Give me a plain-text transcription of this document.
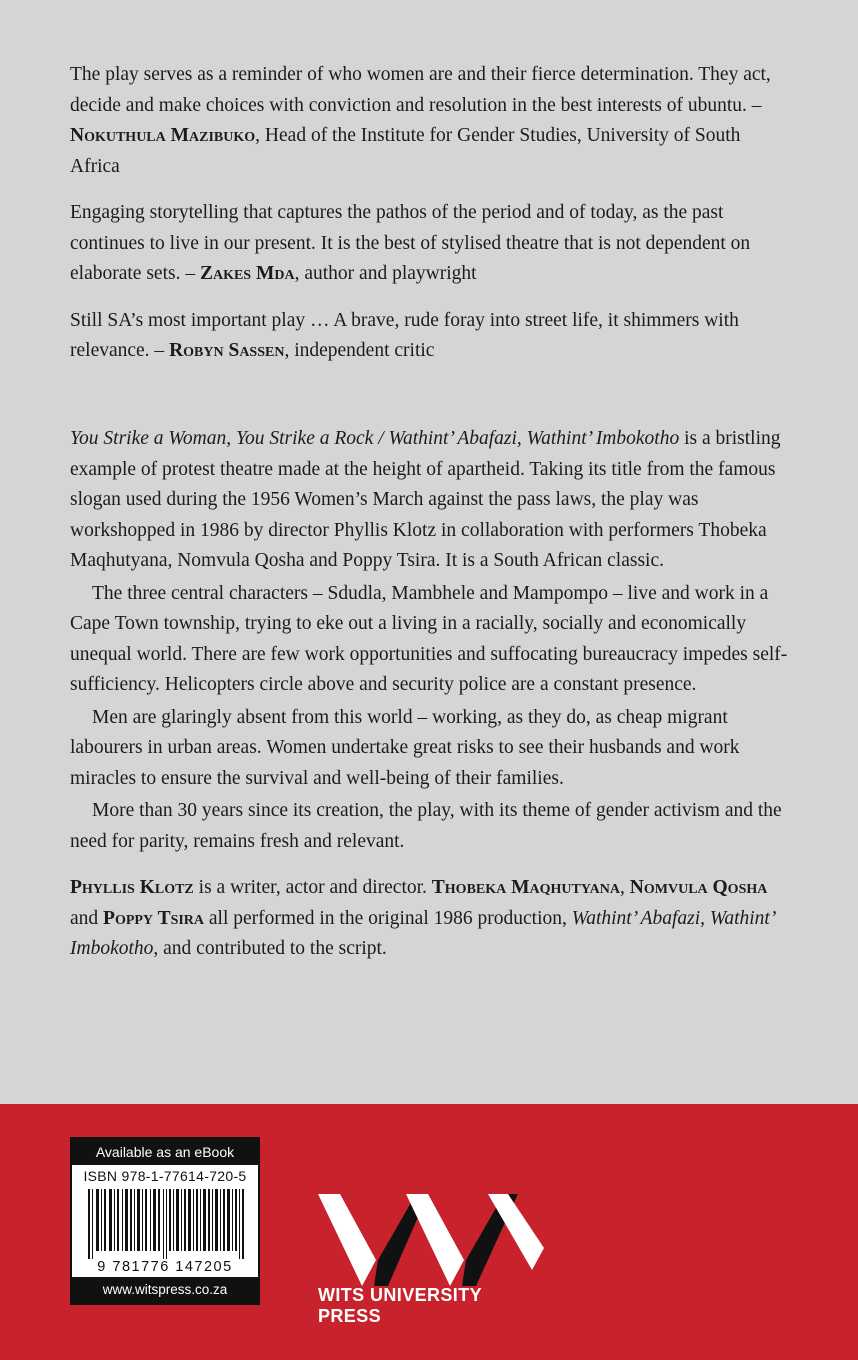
The play serves as a reminder of who women are and their fierce determination. They act, decide and make choices with conviction and resolution in the best interests of ubuntu. – Nokuthula Mazibuko, Head of the Institute for Gender Studies, University of South Africa

Engaging storytelling that captures the pathos of the period and of today, as the past continues to live in our present. It is the best of stylised theatre that is not dependent on elaborate sets. – Zakes Mda, author and playwright

Still SA’s most important play … A brave, rude foray into street life, it shimmers with relevance. – Robyn Sassen, independent critic

You Strike a Woman, You Strike a Rock / Wathint’ Abafazi, Wathint’ Imbokotho is a bristling example of protest theatre made at the height of apartheid. Taking its title from the famous slogan used during the 1956 Women’s March against the pass laws, the play was workshopped in 1986 by director Phyllis Klotz in collaboration with performers Thobeka Maqhutyana, Nomvula Qosha and Poppy Tsira. It is a South African classic.

The three central characters – Sdudla, Mambhele and Mampompo – live and work in a Cape Town township, trying to eke out a living in a racially, socially and economically unequal world. There are few work opportunities and suffocating bureaucracy impedes self-sufficiency. Helicopters circle above and security police are a constant presence.

Men are glaringly absent from this world – working, as they do, as cheap migrant labourers in urban areas. Women undertake great risks to see their husbands and work miracles to ensure the survival and well-being of their families.

More than 30 years since its creation, the play, with its theme of gender activism and the need for parity, remains fresh and relevant.

Phyllis Klotz is a writer, actor and director. Thobeka Maqhutyana, Nomvula Qosha and Poppy Tsira all performed in the original 1986 production, Wathint’ Abafazi, Wathint’ Imbokotho, and contributed to the script.

Available as an eBook
ISBN 978-1-77614-720-5
9 781776 147205
www.witspress.co.za	WITS UNIVERSITY PRESS
